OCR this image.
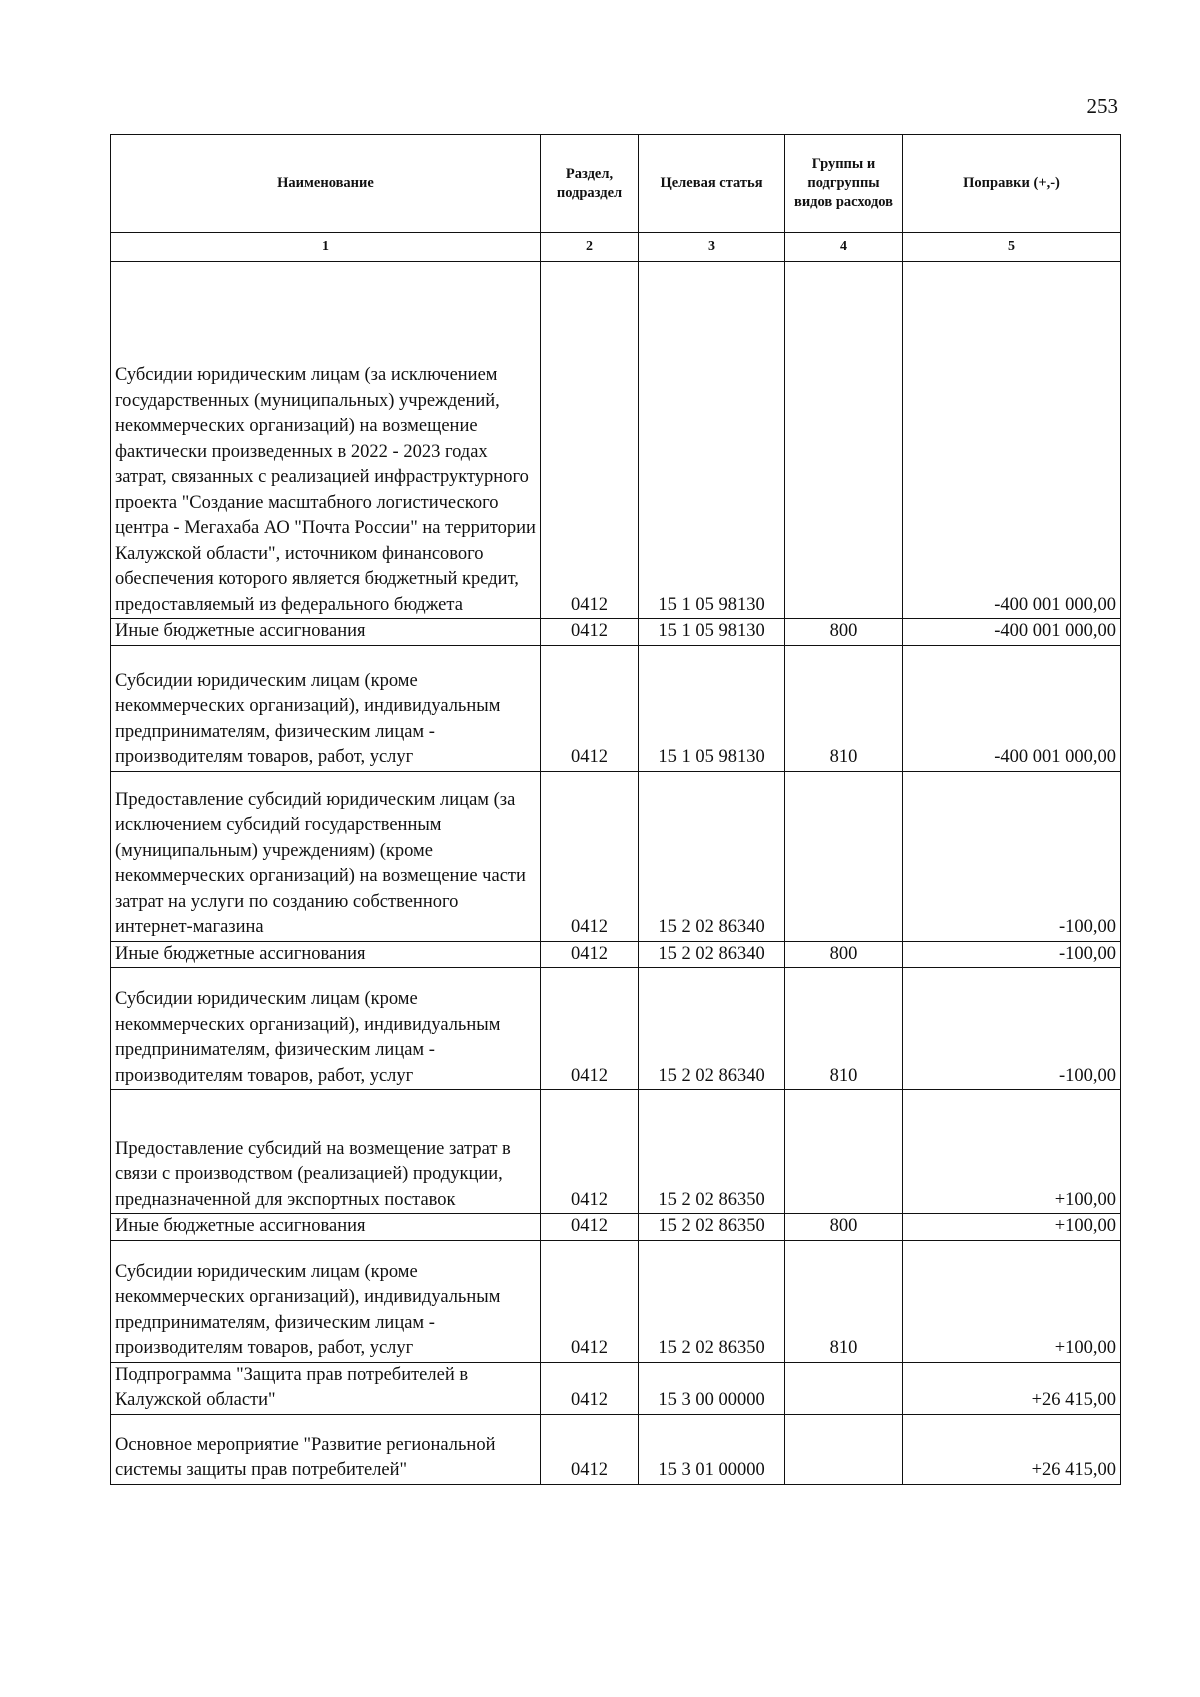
253
Наименование	Раздел, подраздел	Целевая статья	Группы и подгруппы видов расходов	Поправки (+,-)
1	2	3	4	5
Субсидии юридическим лицам (за исключением государственных (муниципальных) учреждений, некоммерческих организаций) на возмещение фактически произведенных в 2022 - 2023 годах затрат, связанных с реализацией инфраструктурного проекта "Создание масштабного логистического центра - Мегахаба АО "Почта России" на территории Калужской области", источником финансового обеспечения которого является бюджетный кредит, предоставляемый из федерального бюджета	0412	15 1 05 98130		-400 001 000,00
Иные бюджетные ассигнования	0412	15 1 05 98130	800	-400 001 000,00
Субсидии юридическим лицам (кроме некоммерческих организаций), индивидуальным предпринимателям, физическим лицам - производителям товаров, работ, услуг	0412	15 1 05 98130	810	-400 001 000,00
Предоставление субсидий юридическим лицам (за исключением субсидий государственным (муниципальным) учреждениям) (кроме некоммерческих организаций) на возмещение части затрат на услуги по созданию собственного интернет-магазина	0412	15 2 02 86340		-100,00
Иные бюджетные ассигнования	0412	15 2 02 86340	800	-100,00
Субсидии юридическим лицам (кроме некоммерческих организаций), индивидуальным предпринимателям, физическим лицам - производителям товаров, работ, услуг	0412	15 2 02 86340	810	-100,00
Предоставление субсидий на возмещение затрат в связи с производством (реализацией) продукции, предназначенной для экспортных поставок	0412	15 2 02 86350		+100,00
Иные бюджетные ассигнования	0412	15 2 02 86350	800	+100,00
Субсидии юридическим лицам (кроме некоммерческих организаций), индивидуальным предпринимателям, физическим лицам - производителям товаров, работ, услуг	0412	15 2 02 86350	810	+100,00
Подпрограмма "Защита прав потребителей в Калужской области"	0412	15 3 00 00000		+26 415,00
Основное мероприятие "Развитие региональной системы защиты прав потребителей"	0412	15 3 01 00000		+26 415,00
